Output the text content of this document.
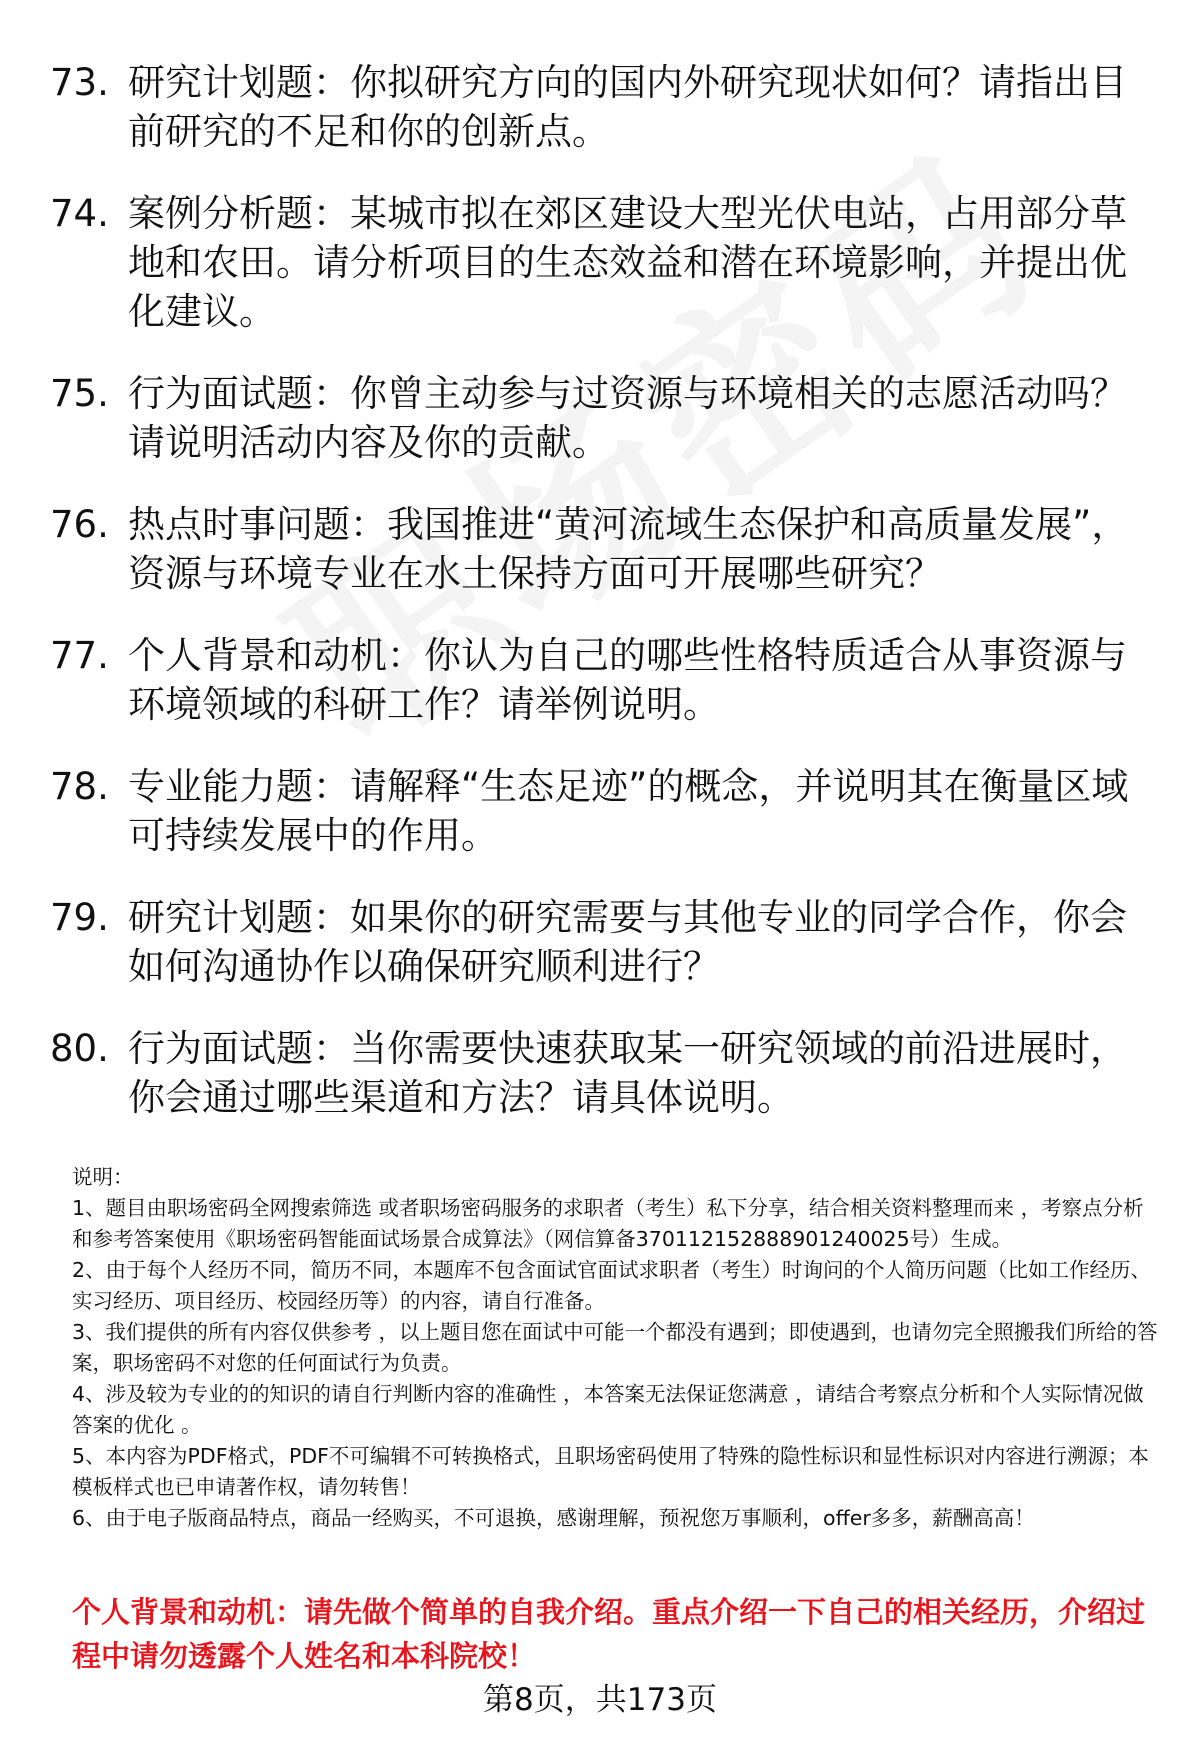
73. 研究计划题：你拟研究方向的国内外研究现状如何？请指出目前研究的不足和你的创新点。
74. 案例分析题：某城市拟在郊区建设大型光伏电站，占用部分草地和农田。请分析项目的生态效益和潜在环境影响，并提出优化建议。
75. 行为面试题：你曾主动参与过资源与环境相关的志愿活动吗？请说明活动内容及你的贡献。
76. 热点时事问题：我国推进“黄河流域生态保护和高质量发展”，资源与环境专业在水土保持方面可开展哪些研究？
77. 个人背景和动机：你认为自己的哪些性格特质适合从事资源与环境领域的科研工作？请举例说明。
78. 专业能力题：请解释“生态足迹”的概念，并说明其在衡量区域可持续发展中的作用。
79. 研究计划题：如果你的研究需要与其他专业的同学合作，你会如何沟通协作以确保研究顺利进行？
80. 行为面试题：当你需要快速获取某一研究领域的前沿进展时，你会通过哪些渠道和方法？请具体说明。

说明：

1、题目由职场密码全网搜索筛选 或者职场密码服务的求职者（考生）私下分享，结合相关资料整理而来 ，考察点分析和参考答案使用《职场密码智能面试场景合成算法》（网信算备370112152888901240025号）生成。

2、由于每个人经历不同，简历不同，本题库不包含面试官面试求职者（考生）时询问的个人简历问题（比如工作经历、实习经历、项目经历、校园经历等）的内容，请自行准备。

3、我们提供的所有内容仅供参考 ，以上题目您在面试中可能一个都没有遇到；即使遇到，也请勿完全照搬我们所给的答案，职场密码不对您的任何面试行为负责。

4、涉及较为专业的的知识的请自行判断内容的准确性 ，本答案无法保证您满意 ，请结合考察点分析和个人实际情况做答案的优化 。

5、本内容为PDF格式，PDF不可编辑不可转换格式，且职场密码使用了特殊的隐性标识和显性标识对内容进行溯源；本模板样式也已申请著作权，请勿转售！

6、由于电子版商品特点，商品一经购买，不可退换，感谢理解，预祝您万事顺利，offer多多，薪酬高高！

个人背景和动机：请先做个简单的自我介绍。重点介绍一下自己的相关经历，介绍过程中请勿透露个人姓名和本科院校！
第8页，共173页
